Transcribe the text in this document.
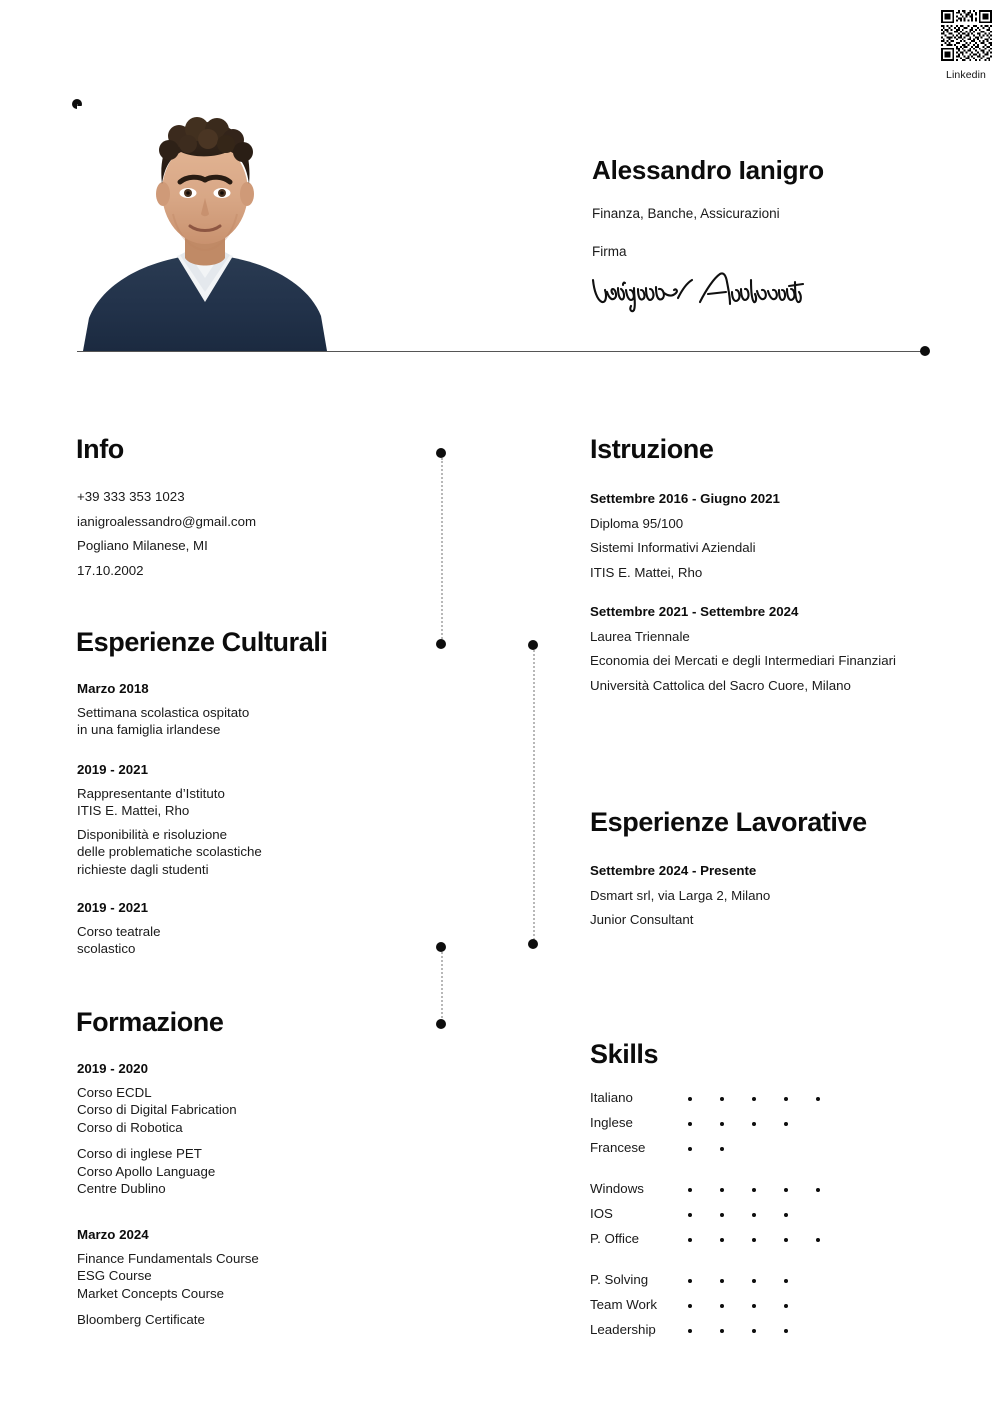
Linkedin
Alessandro Ianigro
Finanza, Banche, Assicurazioni
Firma
Info
+39 333 353 1023
ianigroalessandro@gmail.com
Pogliano Milanese, MI
17.10.2002
Esperienze Culturali
Marzo 2018
Settimana scolastica ospitato
in una famiglia irlandese
2019 - 2021
Rappresentante d’Istituto
ITIS E. Mattei, Rho
Disponibilità e risoluzione
delle problematiche scolastiche
richieste dagli studenti
2019 - 2021
Corso teatrale
scolastico
Formazione
2019 - 2020
Corso ECDL
Corso di Digital Fabrication
Corso di Robotica
Corso di inglese PET
Corso Apollo Language
Centre Dublino
Marzo 2024
Finance Fundamentals Course
ESG Course
Market Concepts Course
Bloomberg Certificate
Istruzione
Settembre 2016 - Giugno 2021
Diploma 95/100
Sistemi Informativi Aziendali
ITIS E. Mattei, Rho
Settembre 2021 - Settembre 2024
Laurea Triennale
Economia dei Mercati e degli Intermediari Finanziari
Università Cattolica del Sacro Cuore, Milano
Esperienze Lavorative
Settembre 2024 - Presente
Dsmart srl, via Larga 2, Milano
Junior Consultant
Skills
Italiano
Inglese
Francese
Windows
IOS
P. Office
P. Solving
Team Work
Leadership
